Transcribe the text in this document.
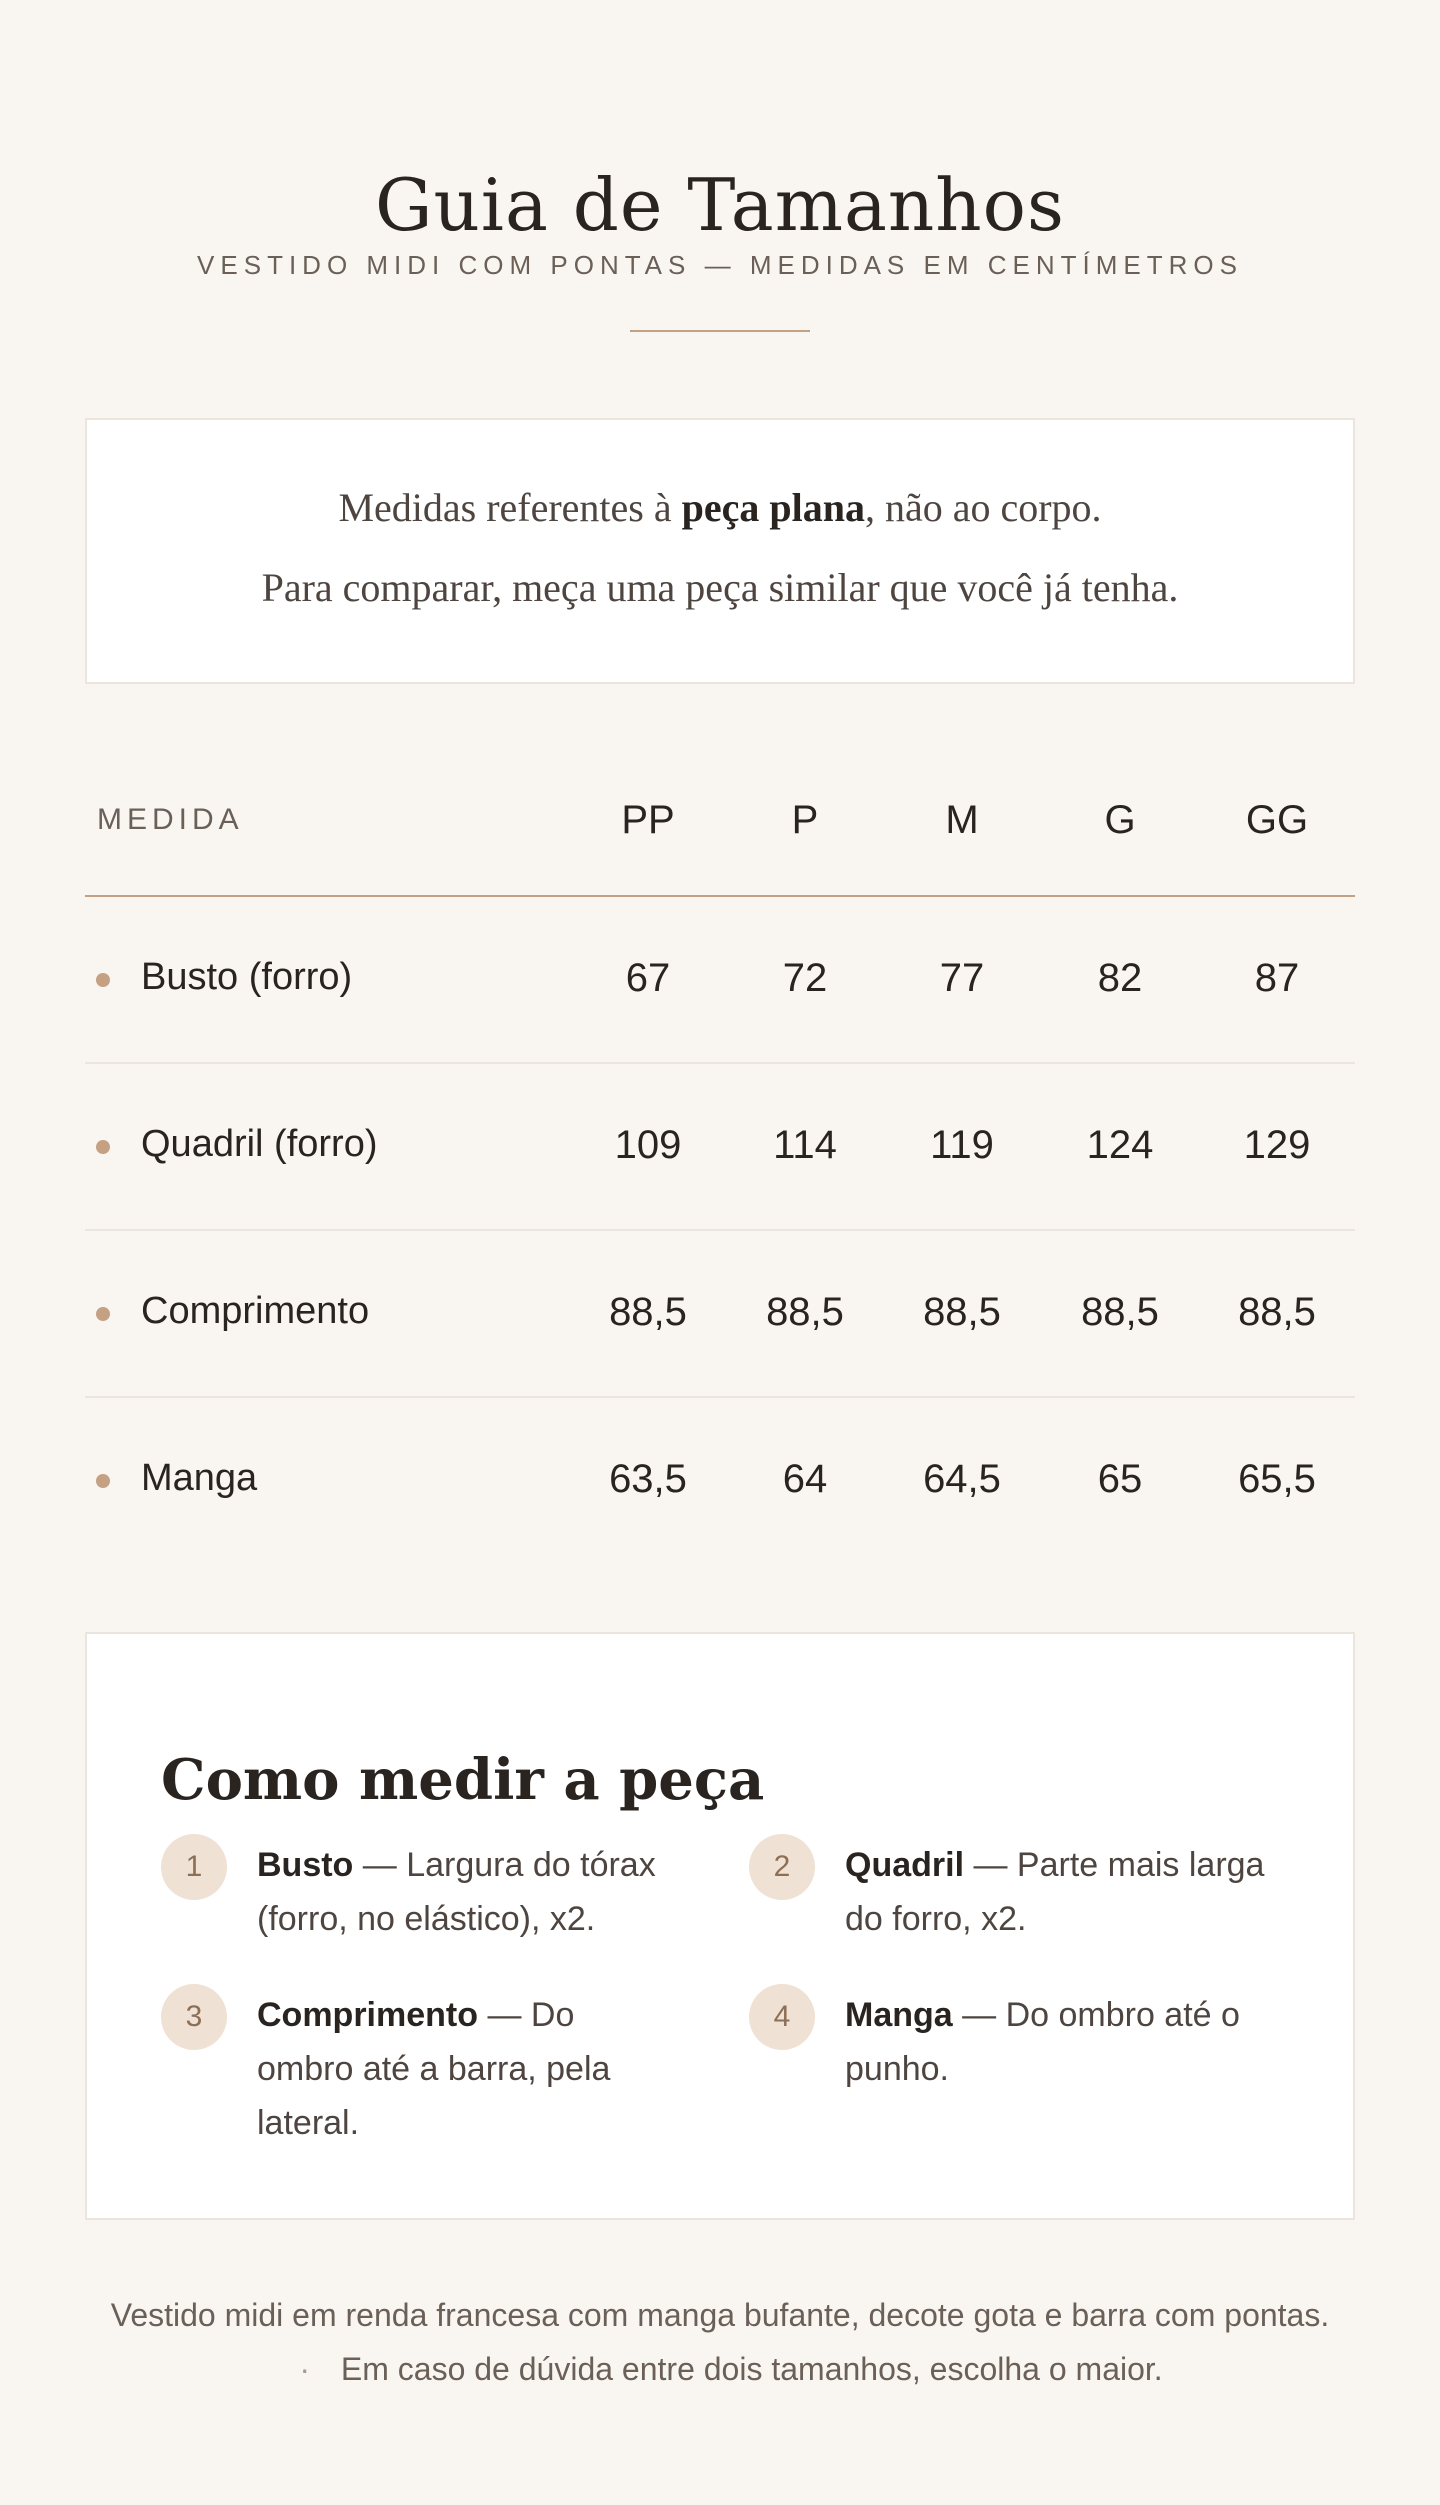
Guia de Tamanhos
VESTIDO MIDI COM PONTAS — MEDIDAS EM CENTÍMETROS
Medidas referentes à peça plana, não ao corpo.
Para comparar, meça uma peça similar que você já tenha.
MEDIDA	PP	P	M	G	GG
Busto (forro)	67	72	77	82	87
Quadril (forro)	109	114	119	124	129
Comprimento	88,5	88,5	88,5	88,5	88,5
Manga	63,5	64	64,5	65	65,5
Como medir a peça
1	Busto — Largura do tórax (forro, no elástico), x2.
2	Quadril — Parte mais larga do forro, x2.
3	Comprimento — Do ombro até a barra, pela lateral.
4	Manga — Do ombro até o punho.
Vestido midi em renda francesa com manga bufante, decote gota e barra com pontas. · Em caso de dúvida entre dois tamanhos, escolha o maior.
